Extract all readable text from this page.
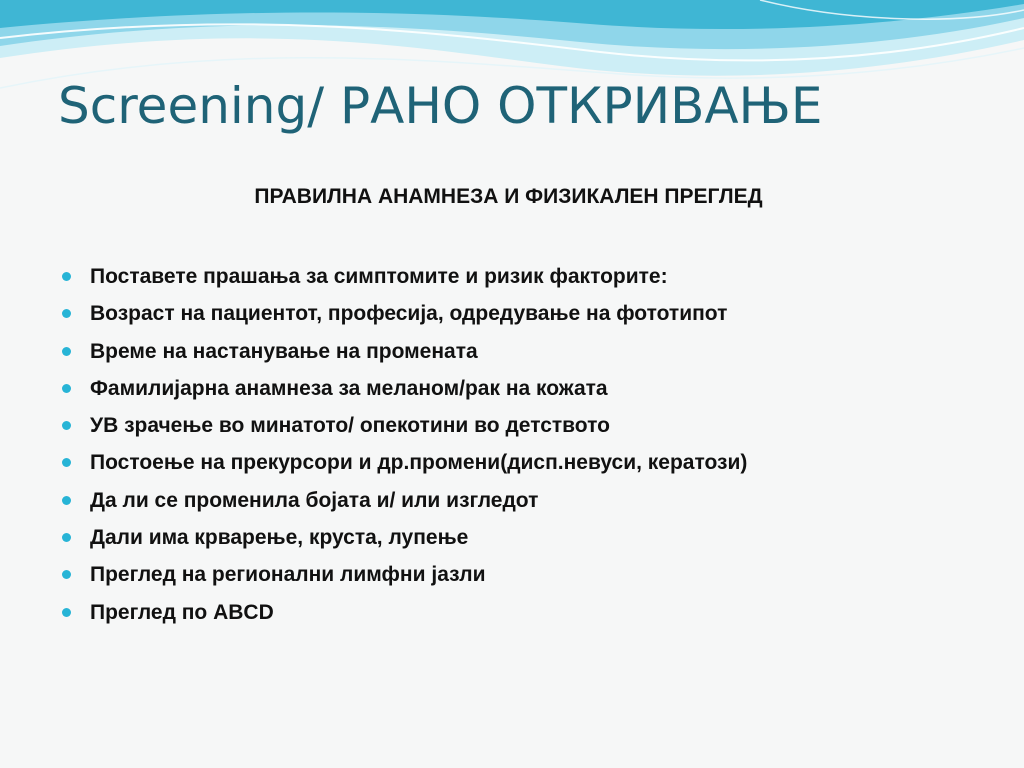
Screening/ РАНО ОТКРИВАЊЕ
ПРАВИЛНА АНАМНЕЗА И ФИЗИКАЛЕН ПРЕГЛЕД
Поставете прашања за симптомите и ризик факторите:
Возраст на пациентот, професија, одредување на фототипот
Време на настанување на промената
Фамилијарна анамнеза за меланом/рак на кожата
УВ зрачење во минатото/ опекотини во детството
Постоење на прекурсори и др.промени(дисп.невуси, кератози)
Да ли се променила бојата и/ или изгледот
Дали има крварење, круста, лупење
Преглед на регионални лимфни јазли
Преглед по ABCD
